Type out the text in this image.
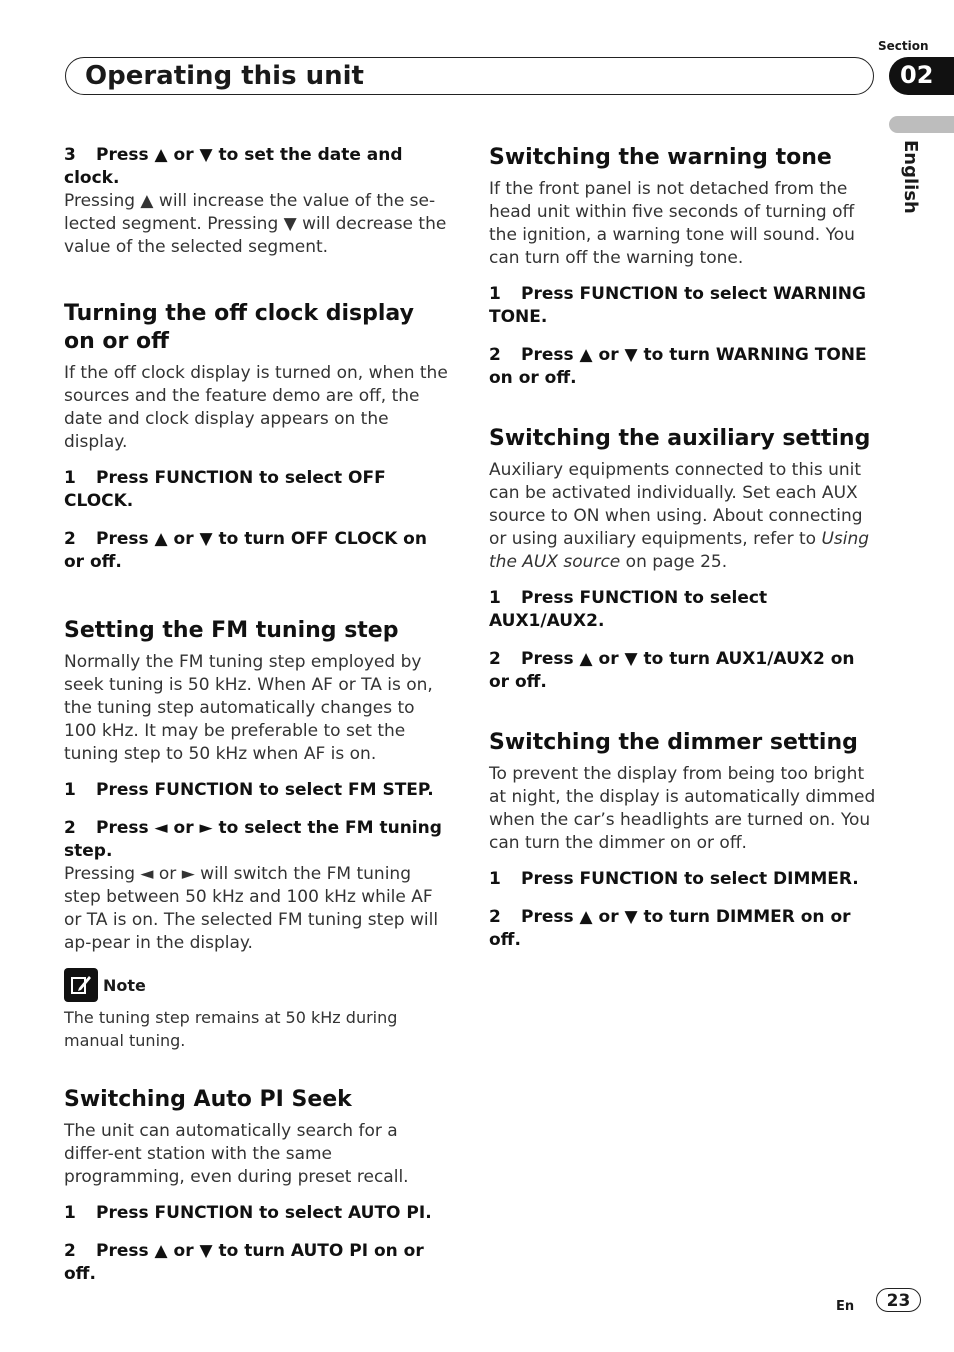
Section
Operating this unit	02
English
3 Press ▲ or ▼ to set the date and clock.

Pressing ▲ will increase the value of the se-lected segment. Pressing ▼ will decrease the value of the selected segment.

Turning the off clock display on or off

If the off clock display is turned on, when the sources and the feature demo are off, the date and clock display appears on the display.

1 Press FUNCTION to select OFF CLOCK.
2 Press ▲ or ▼ to turn OFF CLOCK on or off.
Setting the FM tuning step

Normally the FM tuning step employed by seek tuning is 50 kHz. When AF or TA is on, the tuning step automatically changes to 100 kHz. It may be preferable to set the tuning step to 50 kHz when AF is on.

1 Press FUNCTION to select FM STEP.
2 Press ◄ or ► to select the FM tuning step.

Pressing ◄ or ► will switch the FM tuning step between 50 kHz and 100 kHz while AF or TA is on. The selected FM tuning step will ap-pear in the display.

Note

The tuning step remains at 50 kHz during manual tuning.

Switching Auto PI Seek

The unit can automatically search for a differ-ent station with the same programming, even during preset recall.

1 Press FUNCTION to select AUTO PI.
2 Press ▲ or ▼ to turn AUTO PI on or off.
Switching the warning tone

If the front panel is not detached from the head unit within five seconds of turning off the ignition, a warning tone will sound. You can turn off the warning tone.

1 Press FUNCTION to select WARNING TONE.
2 Press ▲ or ▼ to turn WARNING TONE on or off.
Switching the auxiliary setting

Auxiliary equipments connected to this unit can be activated individually. Set each AUX source to ON when using. About connecting or using auxiliary equipments, refer to Using the AUX source on page 25.

1 Press FUNCTION to select AUX1/AUX2.
2 Press ▲ or ▼ to turn AUX1/AUX2 on or off.
Switching the dimmer setting

To prevent the display from being too bright at night, the display is automatically dimmed when the car’s headlights are turned on. You can turn the dimmer on or off.

1 Press FUNCTION to select DIMMER.
2 Press ▲ or ▼ to turn DIMMER on or off.
En	23
